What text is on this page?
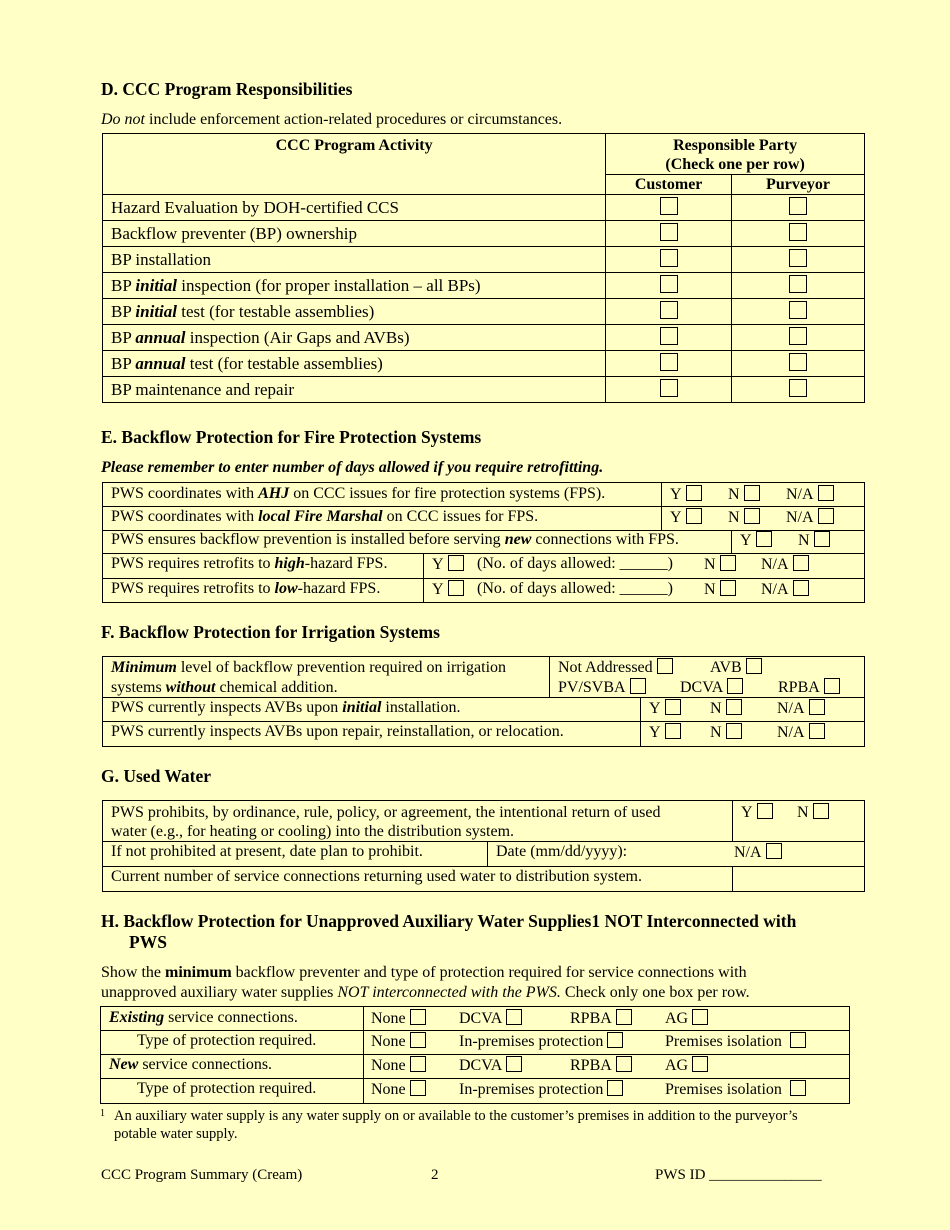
D. CCC Program Responsibilities

Do not include enforcement action-related procedures or circumstances.

CCC Program Activity	Responsible Party
(Check one per row)	
	Customer	Purveyor
Hazard Evaluation by DOH-certified CCS		
Backflow preventer (BP) ownership		
BP installation		
BP initial inspection (for proper installation – all BPs)		
BP initial test (for testable assemblies)		
BP annual inspection (Air Gaps and AVBs)		
BP annual test (for testable assemblies)		
BP maintenance and repair		
E. Backflow Protection for Fire Protection Systems

Please remember to enter number of days allowed if you require retrofitting.

PWS coordinates with AHJ on CCC issues for fire protection systems (FPS).	Y	N	N/A
PWS coordinates with local Fire Marshal on CCC issues for FPS.	Y	N	N/A
PWS ensures backflow prevention is installed before serving new connections with FPS.	Y	N
PWS requires retrofits to high-hazard FPS.	Y	(No. of days allowed: ______) N	N/A
PWS requires retrofits to low-hazard FPS.	Y	(No. of days allowed: ______) N	N/A
F. Backflow Protection for Irrigation Systems
Minimum level of backflow prevention required on irrigation
systems without chemical addition.
Not Addressed	AVB
PV/SVBA	DCVA	RPBA
PWS currently inspects AVBs upon initial installation.	Y	N	N/A
PWS currently inspects AVBs upon repair, reinstallation, or relocation.	Y	N	N/A
G. Used Water
PWS prohibits, by ordinance, rule, policy, or agreement, the intentional return of used
water (e.g., for heating or cooling) into the distribution system.
Y	N
If not prohibited at present, date plan to prohibit.	Date (mm/dd/yyyy):	N/A
Current number of service connections returning used water to distribution system.
H. Backflow Protection for Unapproved Auxiliary Water Supplies1 NOT Interconnected with
PWS

Show the minimum backflow preventer and type of protection required for service connections with
unapproved auxiliary water supplies NOT interconnected with the PWS. Check only one box per row.

Existing service connections.	None	DCVA	RPBA	AG
Type of protection required.	None	In-premises protection	Premises isolation
New service connections.	None	DCVA	RPBA	AG
Type of protection required.	None	In-premises protection	Premises isolation
1 An auxiliary water supply is any water supply on or available to the customer’s premises in addition to the purveyor’s
potable water supply.
CCC Program Summary (Cream)	2	PWS ID _______________
